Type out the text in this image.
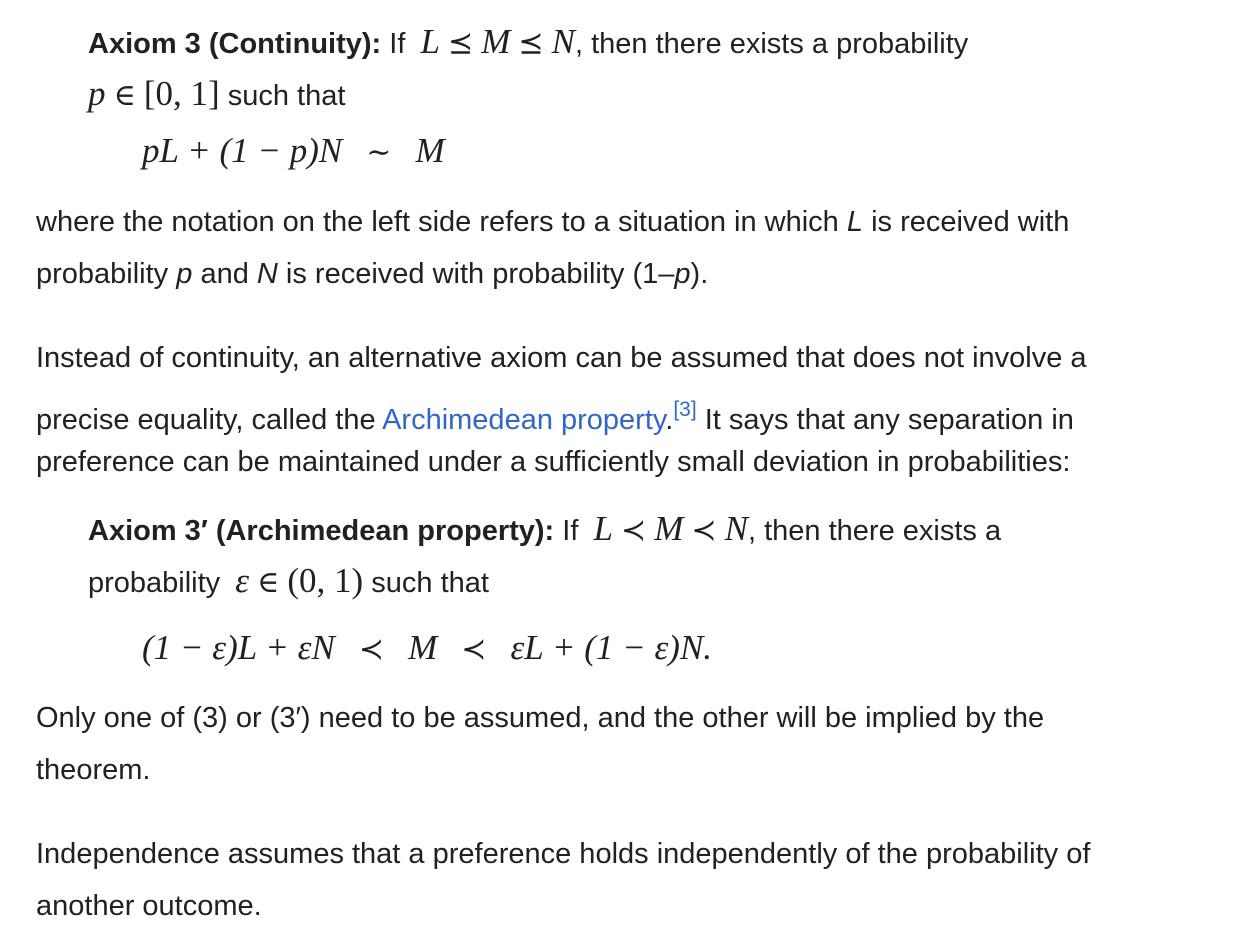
Axiom 3 (Continuity): If L ⪯ M ⪯ N, then there exists a probability
p ∈ [0, 1] such that
pL + (1 − p)N ∼ M
where the notation on the left side refers to a situation in which L is received with
probability p and N is received with probability (1–p).
Instead of continuity, an alternative axiom can be assumed that does not involve a
precise equality, called the Archimedean property.[3] It says that any separation in
preference can be maintained under a sufficiently small deviation in probabilities:
Axiom 3′ (Archimedean property): If L ≺ M ≺ N, then there exists a
probability ε ∈ (0, 1) such that
(1 − ε)L + εN ≺ M ≺ εL + (1 − ε)N.
Only one of (3) or (3′) need to be assumed, and the other will be implied by the
theorem.
Independence assumes that a preference holds independently of the probability of
another outcome.
